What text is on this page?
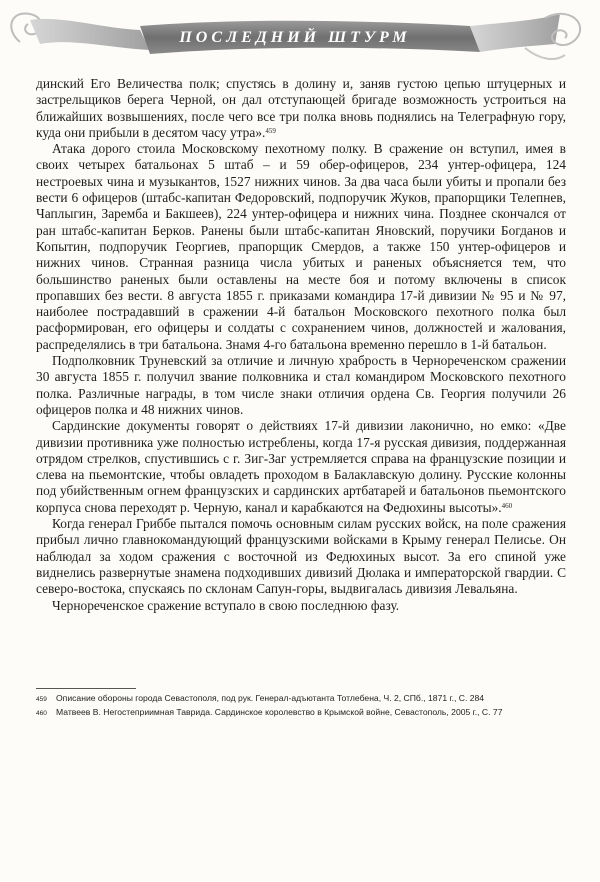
ПОСЛЕДНИЙ ШТУРМ

динский Его Величества полк; спустясь в долину и, заняв густою цепью штуцерных и застрельщиков берега Черной, он дал отступающей бригаде возможность устроиться на ближайших возвышениях, после чего все три полка вновь поднялись на Телеграфную гору, куда они прибыли в десятом часу утра».$^{459}$

Атака дорого стоила Московскому пехотному полку. В сражение он вступил, имея в своих четырех батальонах 5 штаб – и 59 обер-офицеров, 234 унтер-офицера, 124 нестроевых чина и музыкантов, 1527 нижних чинов. За два часа были убиты и пропали без вести 6 офицеров (штабс-капитан Федоровский, подпоручик Жуков, прапорщики Телепнев, Чаплыгин, Заремба и Бакшеев), 224 унтер-офицера и нижних чина. Позднее скончался от ран штабс-капитан Берков. Ранены были штабс-капитан Яновский, поручики Богданов и Копытин, подпоручик Георгиев, прапорщик Смердов, а также 150 унтер-офицеров и нижних чинов. Странная разница числа убитых и раненых объясняется тем, что большинство раненых были оставлены на месте боя и потому включены в список пропавших без вести. 8 августа 1855 г. приказами командира 17-й дивизии № 95 и № 97, наиболее пострадавший в сражении 4-й батальон Московского пехотного полка был расформирован, его офицеры и солдаты с сохранением чинов, должностей и жалования, распределялись в три батальона. Знамя 4-го батальона временно перешло в 1-й батальон.

Подполковник Труневский за отличие и личную храбрость в Чернореченском сражении 30 августа 1855 г. получил звание полковника и стал командиром Московского пехотного полка. Различные награды, в том числе знаки отличия ордена Св. Георгия получили 26 офицеров полка и 48 нижних чинов.

Сардинские документы говорят о действиях 17-й дивизии лаконично, но емко: «Две дивизии противника уже полностью истреблены, когда 17-я русская дивизия, поддержанная отрядом стрелков, спустившись с г. Зиг-Заг устремляется справа на французские позиции и слева на пьемонтские, чтобы овладеть проходом в Балаклавскую долину. Русские колонны под убийственным огнем французских и сардинских артбатарей и батальонов пьемонтского корпуса снова переходят р. Черную, канал и карабкаются на Федюхины высоты».$^{460}$

Когда генерал Гриббе пытался помочь основным силам русских войск, на поле сражения прибыл лично главнокомандующий французскими войсками в Крыму генерал Пелисье. Он наблюдал за ходом сражения с восточной из Федюхиных высот. За его спиной уже виднелись развернутые знамена подходивших дивизий Дюлака и императорской гвардии. С северо-востока, спускаясь по склонам Сапун-горы, выдвигалась дивизия Левальяна.

Чернореченское сражение вступало в свою последнюю фазу.

459	Описание обороны города Севастополя, под рук. Генерал-адъютанта Тотлебена, Ч. 2, СПб., 1871 г., С. 284
460	Матвеев В. Негостеприимная Таврида. Сардинское королевство в Крымской войне, Севастополь, 2005 г., С. 77
